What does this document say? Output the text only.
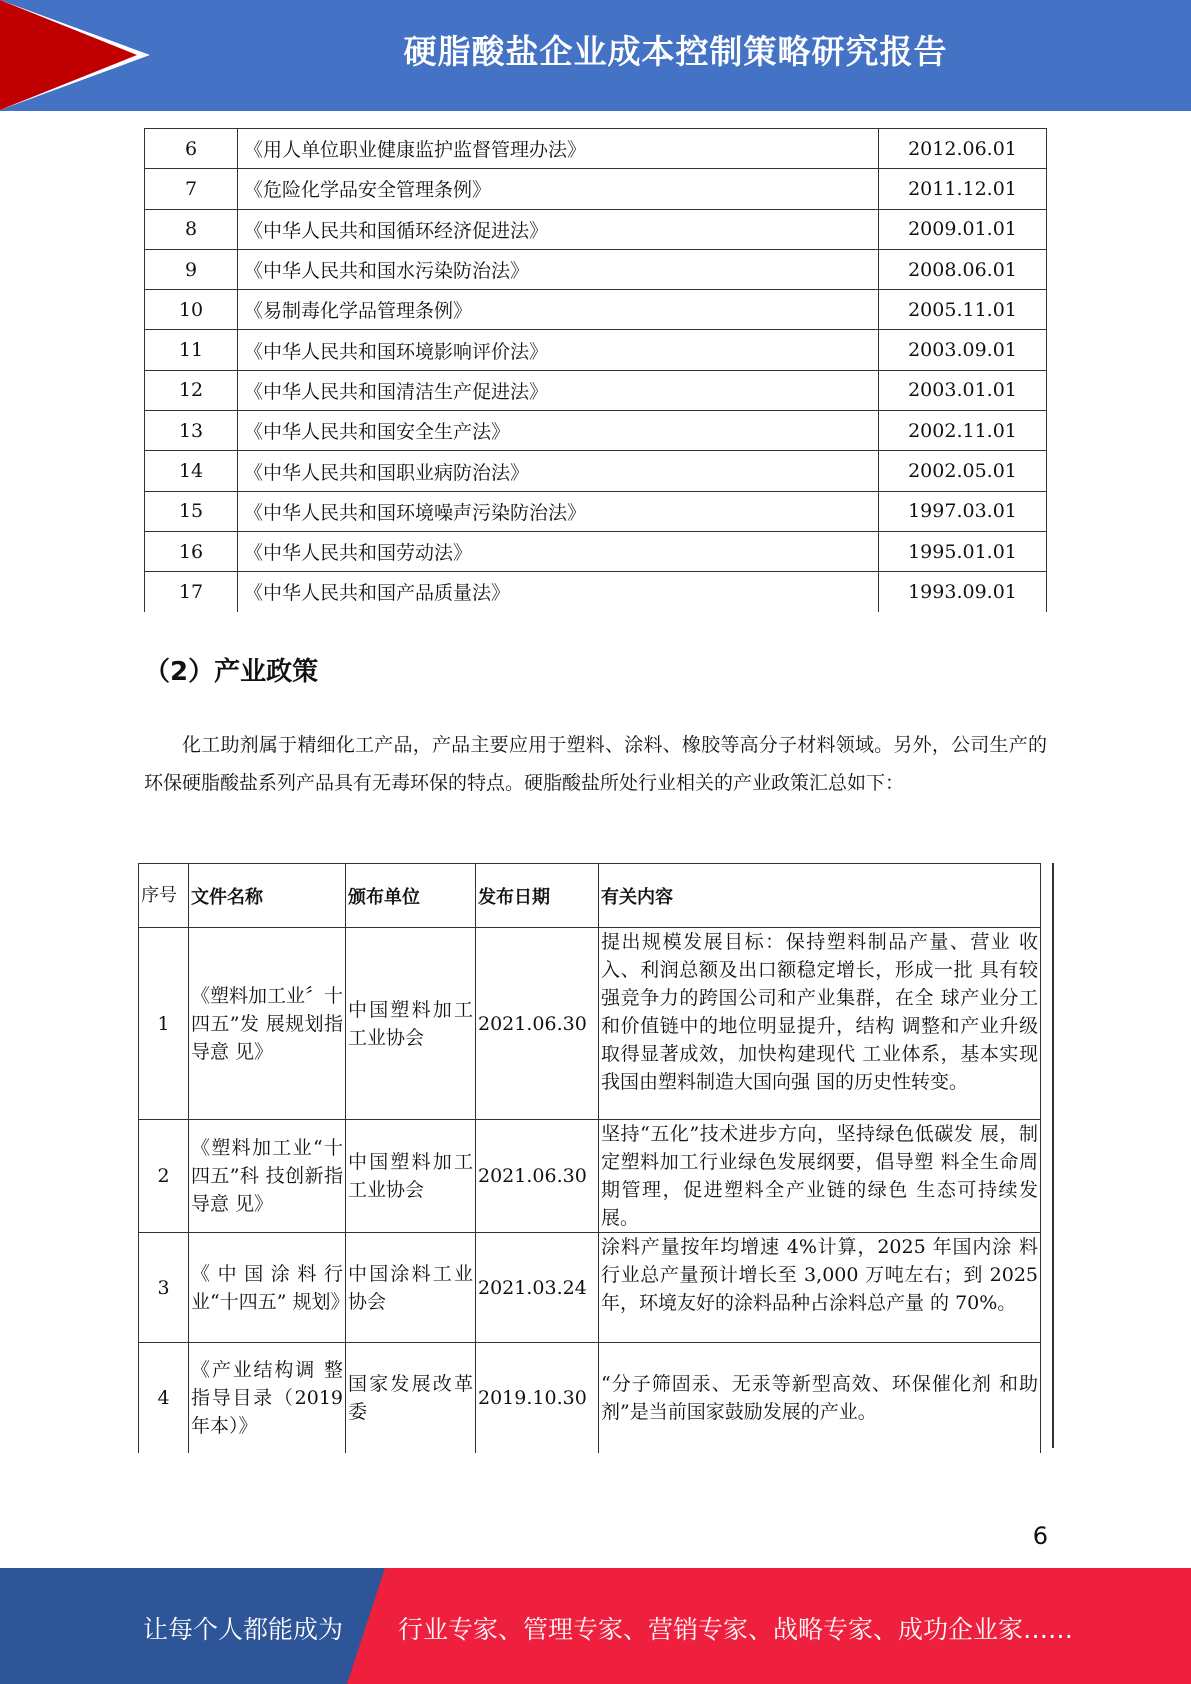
硬脂酸盐企业成本控制策略研究报告
6	《用人单位职业健康监护监督管理办法》	2012.06.01
7	《危险化学品安全管理条例》	2011.12.01
8	《中华人民共和国循环经济促进法》	2009.01.01
9	《中华人民共和国水污染防治法》	2008.06.01
10	《易制毒化学品管理条例》	2005.11.01
11	《中华人民共和国环境影响评价法》	2003.09.01
12	《中华人民共和国清洁生产促进法》	2003.01.01
13	《中华人民共和国安全生产法》	2002.11.01
14	《中华人民共和国职业病防治法》	2002.05.01
15	《中华人民共和国环境噪声污染防治法》	1997.03.01
16	《中华人民共和国劳动法》	1995.01.01
17	《中华人民共和国产品质量法》	1993.09.01
（2）产业政策
化工助剂属于精细化工产品，产品主要应用于塑料、涂料、橡胶等高分子材料领域。另外，公司生产的环保硬脂酸盐系列产品具有无毒环保的特点。硬脂酸盐所处行业相关的产业政策汇总如下：
序号	文件名称	颁布单位	发布日期	有关内容
1	《塑料加工业〞十四五”发 展规划指导意 见》	中国塑料加工工业协会	2021.06.30	提出规模发展目标：保持塑料制品产量、营业 收入、利润总额及出口额稳定增长，形成一批 具有较强竞争力的跨国公司和产业集群，在全 球产业分工和价值链中的地位明显提升，结构 调整和产业升级取得显著成效，加快构建现代 工业体系，基本实现我国由塑料制造大国向强 国的历史性转变。
2	《塑料加工业“十四五”科 技创新指导意 见》	中国塑料加工工业协会	2021.06.30	坚持“五化”技术进步方向，坚持绿色低碳发 展，制定塑料加工行业绿色发展纲要，倡导塑 料全生命周期管理，促进塑料全产业链的绿色 生态可持续发展。
3	《中国涂料行 业“十四五” 规划》	中国涂料工业协会	2021.03.24	涂料产量按年均增速 4%计算，2025 年国内涂 料行业总产量预计增长至 3,000 万吨左右；到 2025 年，环境友好的涂料品种占涂料总产量 的 70%。
4	《产业结构调 整指导目录（2019 年本）》	国家发展改革委	2019.10.30	“分子筛固汞、无汞等新型高效、环保催化剂 和助剂”是当前国家鼓励发展的产业。
6
让每个人都能成为 行业专家、管理专家、营销专家、战略专家、成功企业家……
